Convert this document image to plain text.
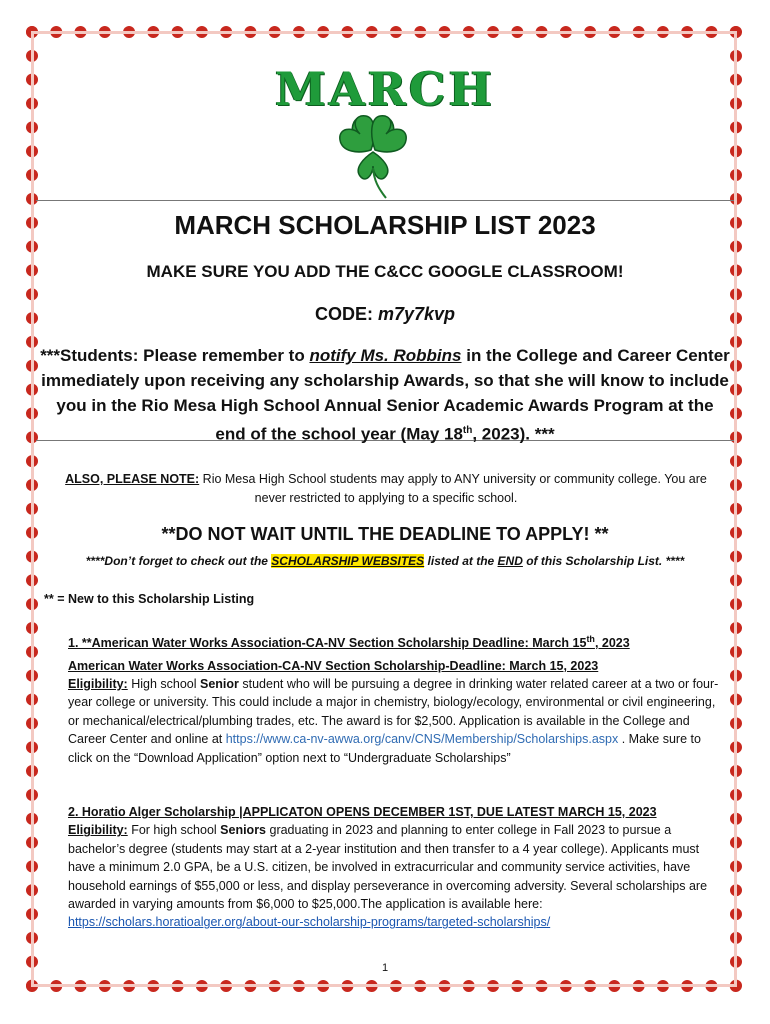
MARCH
MARCH SCHOLARSHIP LIST 2023
MAKE SURE YOU ADD THE C&CC GOOGLE CLASSROOM!
CODE: m7y7kvp
***Students: Please remember to notify Ms. Robbins in the College and Career Center immediately upon receiving any scholarship Awards, so that she will know to include you in the Rio Mesa High School Annual Senior Academic Awards Program at the end of the school year (May 18th, 2023). ***
ALSO, PLEASE NOTE: Rio Mesa High School students may apply to ANY university or community college. You are never restricted to applying to a specific school.
**DO NOT WAIT UNTIL THE DEADLINE TO APPLY! **
****Don’t forget to check out the SCHOLARSHIP WEBSITES listed at the END of this Scholarship List. ****
** = New to this Scholarship Listing
1. **American Water Works Association-CA-NV Section Scholarship Deadline: March 15th, 2023
American Water Works Association-CA-NV Section Scholarship-Deadline: March 15, 2023
Eligibility: High school Senior student who will be pursuing a degree in drinking water related career at a two or four-year college or university. This could include a major in chemistry, biology/ecology, environmental or civil engineering, or mechanical/electrical/plumbing trades, etc. The award is for $2,500. Application is available in the College and Career Center and online at https://www.ca-nv-awwa.org/canv/CNS/Membership/Scholarships.aspx . Make sure to click on the “Download Application” option next to “Undergraduate Scholarships”
2. Horatio Alger Scholarship |APPLICATON OPENS DECEMBER 1ST, DUE LATEST MARCH 15, 2023
Eligibility: For high school Seniors graduating in 2023 and planning to enter college in Fall 2023 to pursue a bachelor’s degree (students may start at a 2-year institution and then transfer to a 4 year college). Applicants must have a minimum 2.0 GPA, be a U.S. citizen, be involved in extracurricular and community service activities, have household earnings of $55,000 or less, and display perseverance in overcoming adversity. Several scholarships are awarded in varying amounts from $6,000 to $25,000.The application is available here: https://scholars.horatioalger.org/about-our-scholarship-programs/targeted-scholarships/
1
